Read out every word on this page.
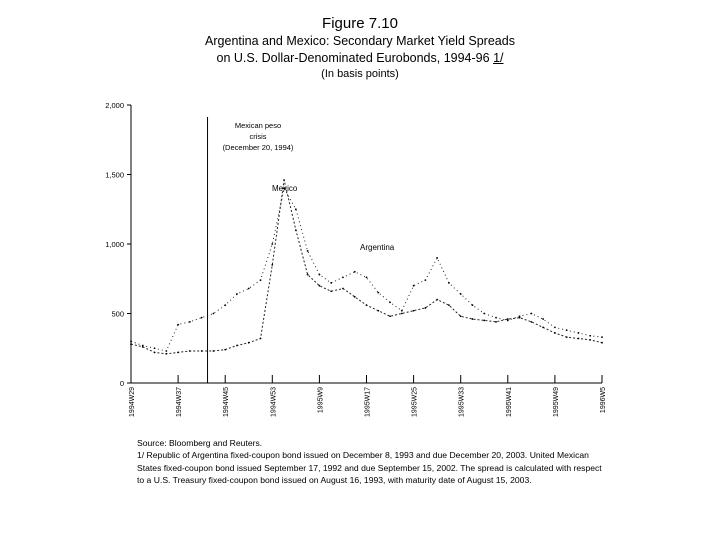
Figure 7.10
Argentina and Mexico: Secondary Market Yield Spreads
on U.S. Dollar-Denominated Eurobonds, 1994-96 1/
(In basis points)
0
500
1,000
1,500
2,000
1994W29	1994W37	1994W45	1994W53	1995W9	1995W17	1995W25	1995W33	1995W41	1995W49	1996W5
Mexican peso
crisis
(December 20, 1994)
Mexico
Argentina

Source: Bloomberg and Reuters.

1/ Republic of Argentina fixed-coupon bond issued on December 8, 1993 and due December 20, 2003. United Mexican States fixed-coupon bond issued September 17, 1992 and due September 15, 2002. The spread is calculated with respect to a U.S. Treasury fixed-coupon bond issued on August 16, 1993, with maturity date of August 15, 2003.
